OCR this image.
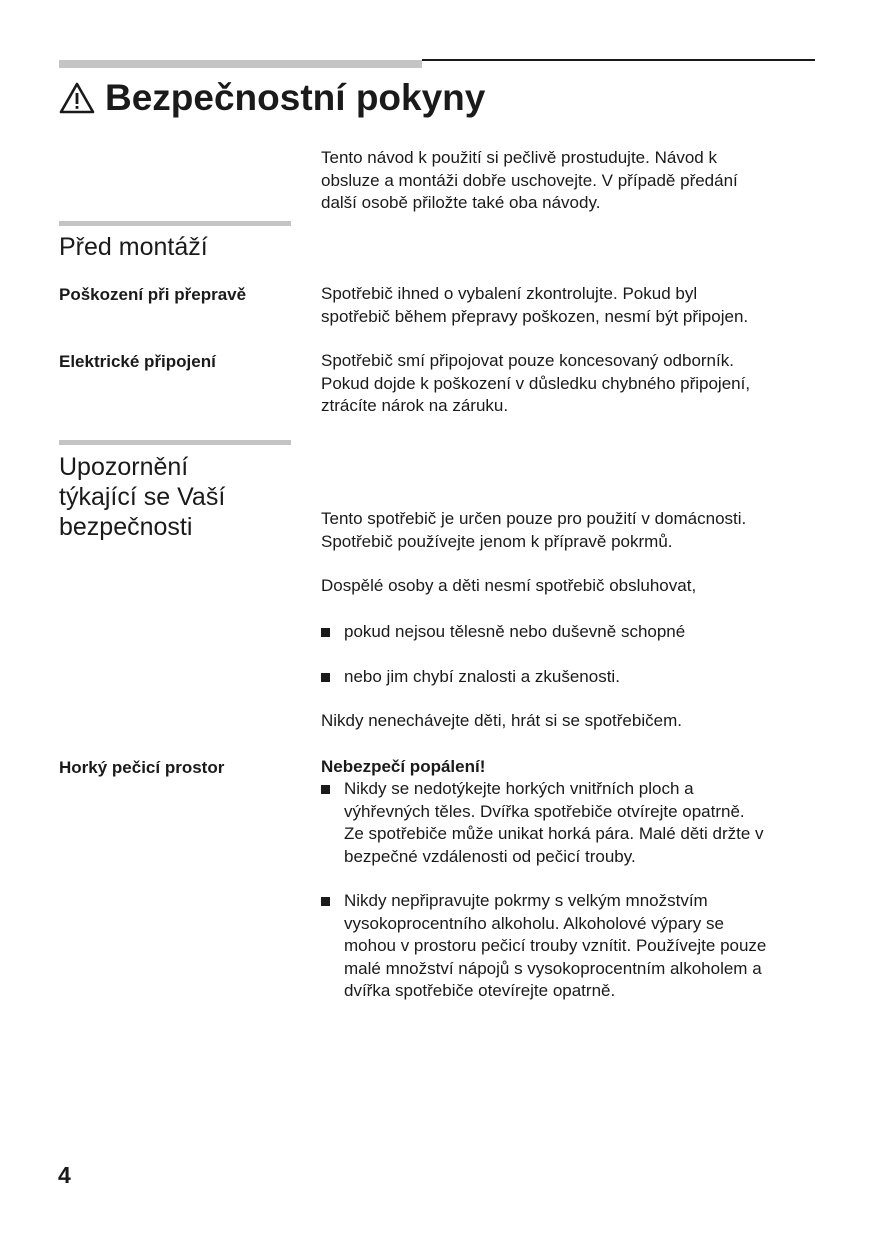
Bezpečnostní pokyny
Tento návod k použití si pečlivě prostudujte. Návod k
obsluze a montáži dobře uschovejte. V případě předání
další osobě přiložte také oba návody.
Před montáží

Poškození při přepravě	Spotřebič ihned o vybalení zkontrolujte. Pokud byl
spotřebič během přepravy poškozen, nesmí být připojen.

Elektrické připojení	Spotřebič smí připojovat pouze koncesovaný odborník.
Pokud dojde k poškození v důsledku chybného připojení,
ztrácíte nárok na záruku.
Upozornění
týkající se Vaší
bezpečnosti	Tento spotřebič je určen pouze pro použití v domácnosti.
Spotřebič používejte jenom k přípravě pokrmů.

Dospělé osoby a děti nesmí spotřebič obsluhovat,

pokud nejsou tělesně nebo duševně schopné
nebo jim chybí znalosti a zkušenosti.

Nikdy nenechávejte děti, hrát si se spotřebičem.

Horký pečicí prostor	Nebezpečí popálení!

Nikdy se nedotýkejte horkých vnitřních ploch a
výhřevných těles. Dvířka spotřebiče otvírejte opatrně.
Ze spotřebiče může unikat horká pára. Malé děti držte v
bezpečné vzdálenosti od pečicí trouby.
Nikdy nepřipravujte pokrmy s velkým množstvím
vysokoprocentního alkoholu. Alkoholové výpary se
mohou v prostoru pečicí trouby vznítit. Používejte pouze
malé množství nápojů s vysokoprocentním alkoholem a
dvířka spotřebiče otevírejte opatrně.

4
